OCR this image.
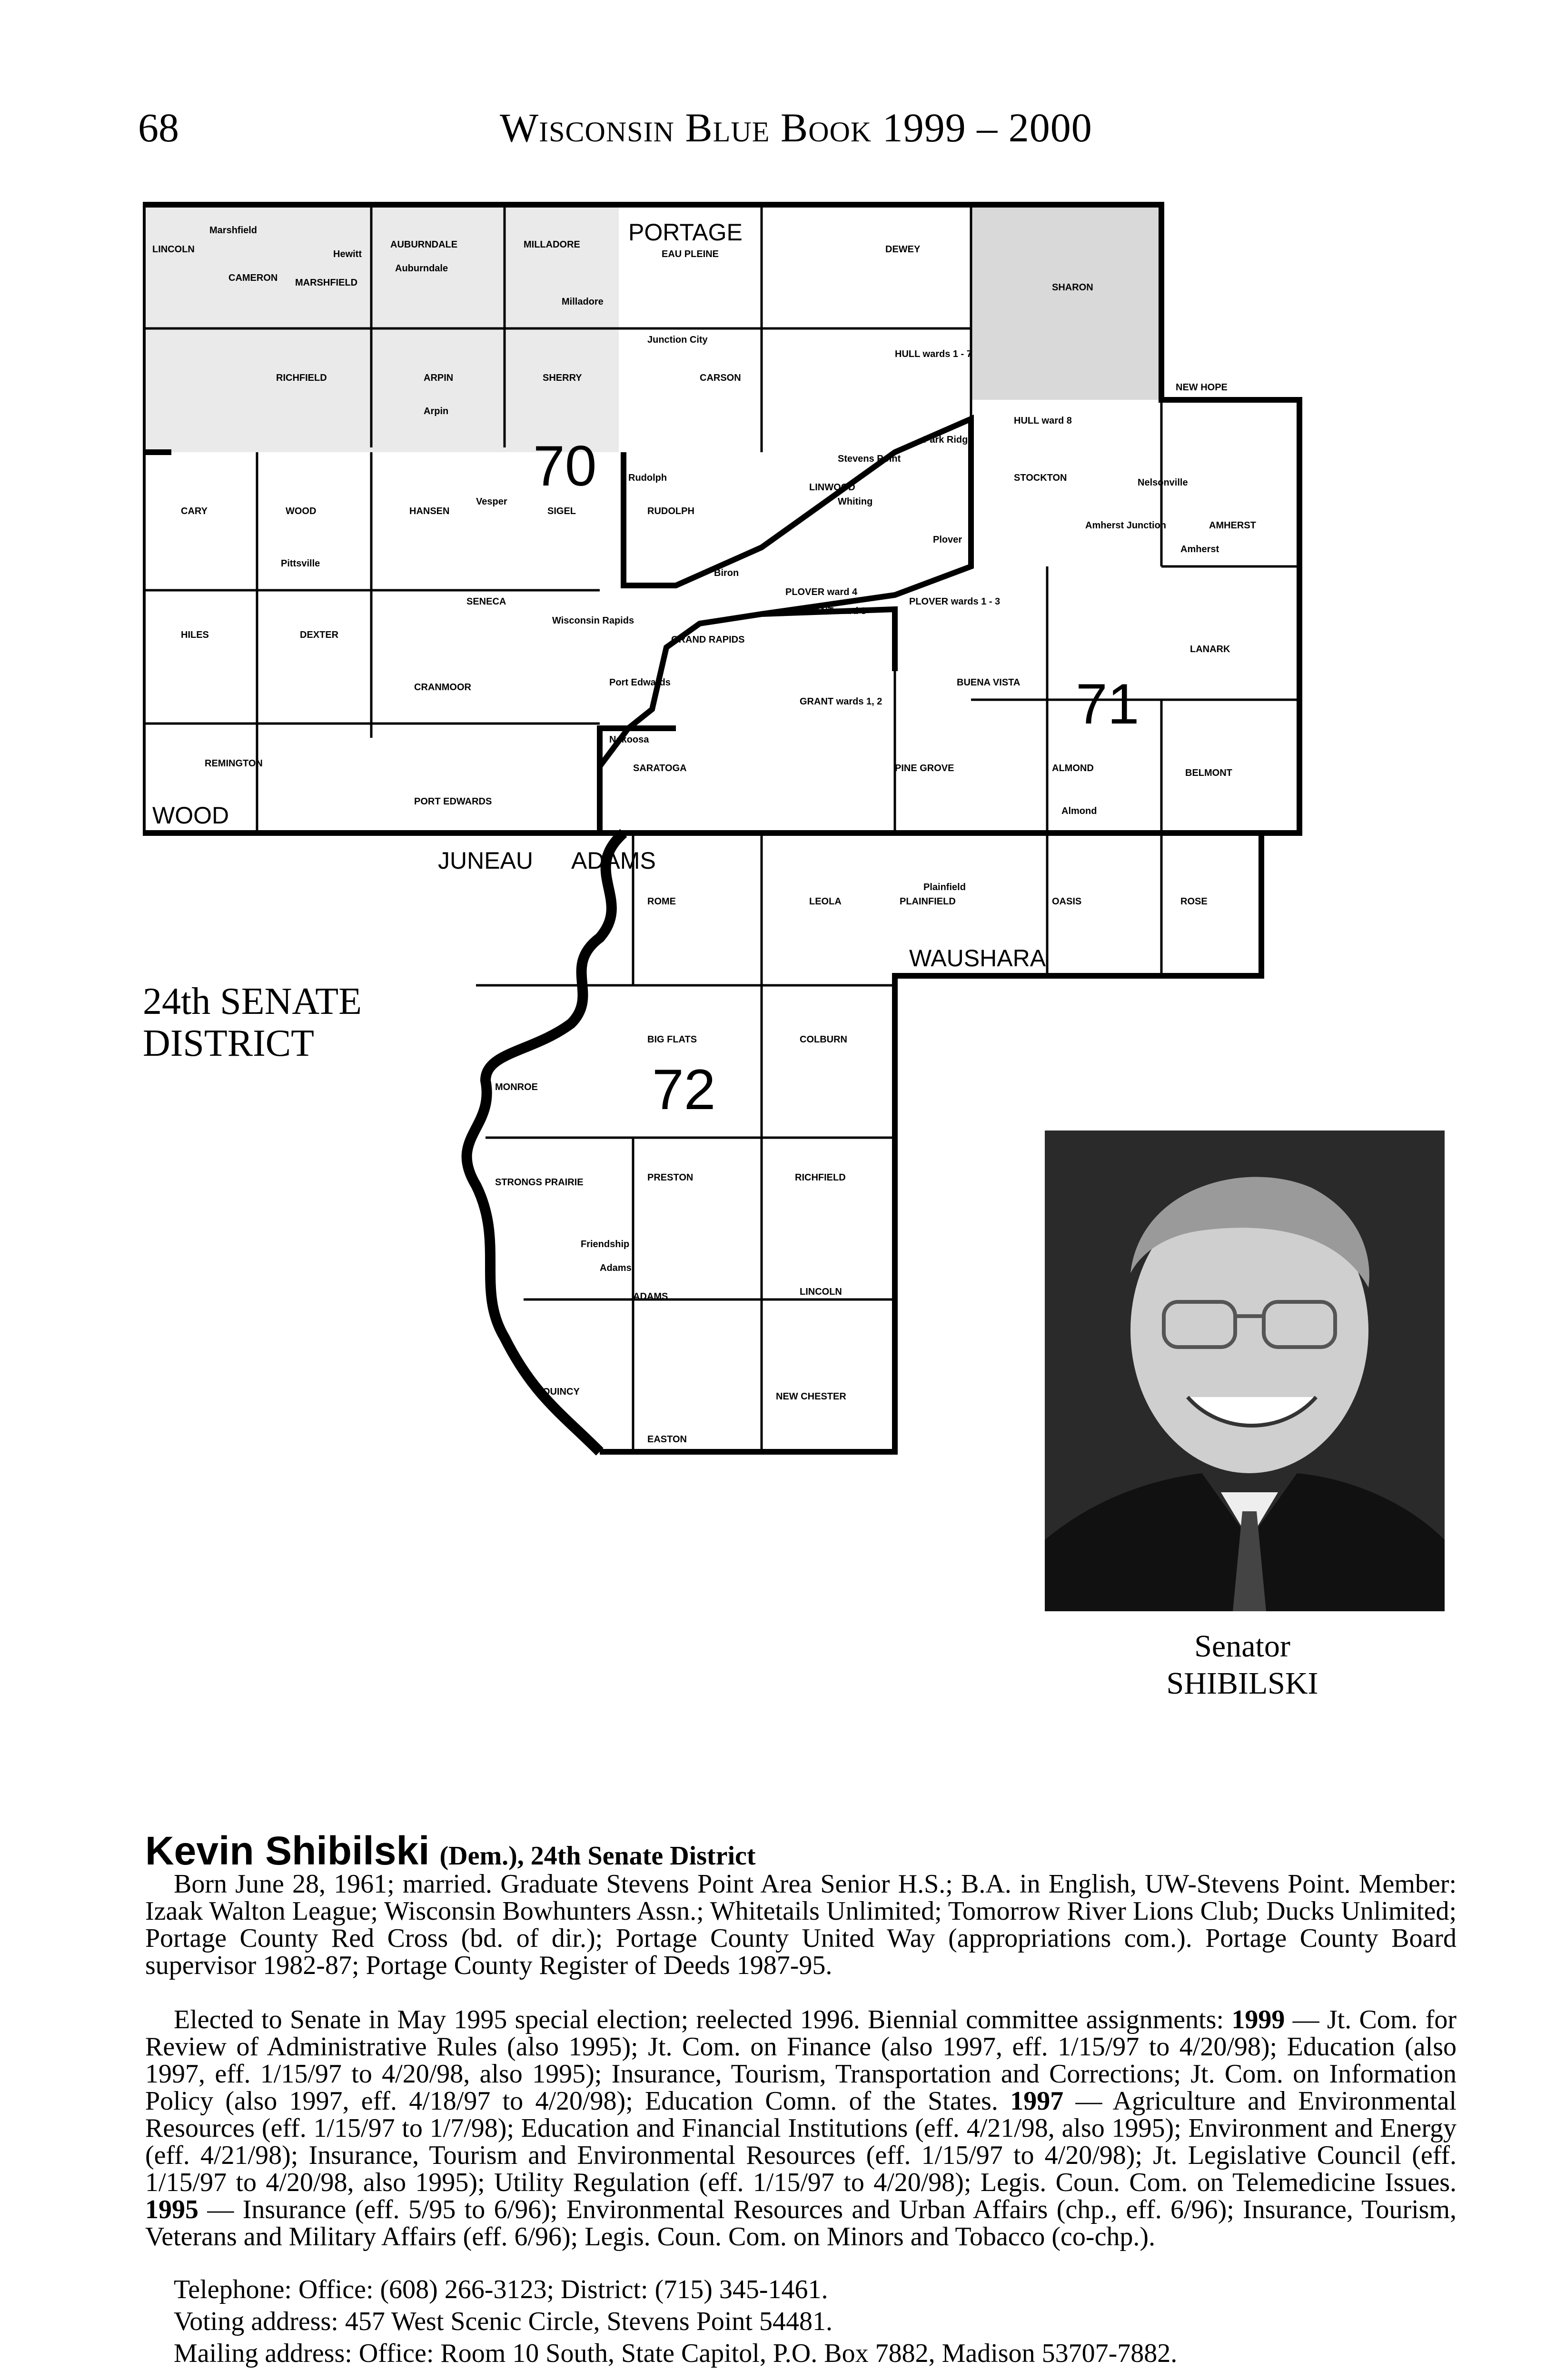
68	Wisconsin Blue Book 1999 – 2000
PORTAGE
WOOD
JUNEAU ADAMS
WAUSHARA
70
71
72
LINCOLN
Marshfield
CAMERON MARSHFIELD
AUBURNDALE
Auburndale
Hewitt
MILLADORE
Milladore
EAU PLEINE	DEWEY
SHARON
Junction City
RICHFIELD	ARPIN
Arpin
SHERRY	CARSON
HULL wards 1 - 7
HULL ward 8
NEW HOPE
CARY	WOOD	HANSEN
Vesper
SIGEL
Rudolph
RUDOLPH
LINWOOD
Whiting
Stevens Point
Park Ridge
Plover
STOCKTON	Nelsonville
Amherst
Amherst Junction	AMHERST
Pittsville
Biron
PLOVER ward 4
SENECA
Wisconsin Rapids
GRAND RAPIDS
GRANT ward 3
PLOVER wards 1 - 3
HILES	DEXTER
CRANMOOR	Port Edwards
GRANT wards 1, 2
BUENA VISTA
LANARK
Nekoosa
REMINGTON	SARATOGA	PINE GROVE	ALMOND	BELMONT
PORT EDWARDS
Almond
ROME	LEOLA
Plainfield
PLAINFIELD	OASIS	ROSE
BIG FLATS	COLBURN
MONROE
STRONGS PRAIRIE	PRESTON	RICHFIELD
Friendship
Adams
ADAMS	LINCOLN
QUINCY	NEW CHESTER
EASTON
24th SENATE
DISTRICT
Senator
SHIBILSKI
Kevin Shibilski (Dem.), 24th Senate District
Born June 28, 1961; married. Graduate Stevens Point Area Senior H.S.; B.A. in English, UW-Stevens Point. Member: Izaak Walton League; Wisconsin Bowhunters Assn.; Whitetails Unlimited; Tomorrow River Lions Club; Ducks Unlimited; Portage County Red Cross (bd. of dir.); Portage County United Way (appropriations com.). Portage County Board supervisor 1982-87; Portage County Register of Deeds 1987-95.
Elected to Senate in May 1995 special election; reelected 1996. Biennial committee assignments: 1999 — Jt. Com. for Review of Administrative Rules (also 1995); Jt. Com. on Finance (also 1997, eff. 1/15/97 to 4/20/98); Education (also 1997, eff. 1/15/97 to 4/20/98, also 1995); Insurance, Tourism, Transportation and Corrections; Jt. Com. on Information Policy (also 1997, eff. 4/18/97 to 4/20/98); Education Comn. of the States. 1997 — Agriculture and Environmental Resources (eff. 1/15/97 to 1/7/98); Education and Financial Institutions (eff. 4/21/98, also 1995); Environment and Energy (eff. 4/21/98); Insurance, Tourism and Environmental Resources (eff. 1/15/97 to 4/20/98); Jt. Legislative Council (eff. 1/15/97 to 4/20/98, also 1995); Utility Regulation (eff. 1/15/97 to 4/20/98); Legis. Coun. Com. on Telemedicine Issues. 1995 — Insurance (eff. 5/95 to 6/96); Environmental Resources and Urban Affairs (chp., eff. 6/96); Insurance, Tourism, Veterans and Military Affairs (eff. 6/96); Legis. Coun. Com. on Minors and Tobacco (co-chp.).
Telephone: Office: (608) 266-3123; District: (715) 345-1461.
Voting address: 457 West Scenic Circle, Stevens Point 54481.
Mailing address: Office: Room 10 South, State Capitol, P.O. Box 7882, Madison 53707-7882.
